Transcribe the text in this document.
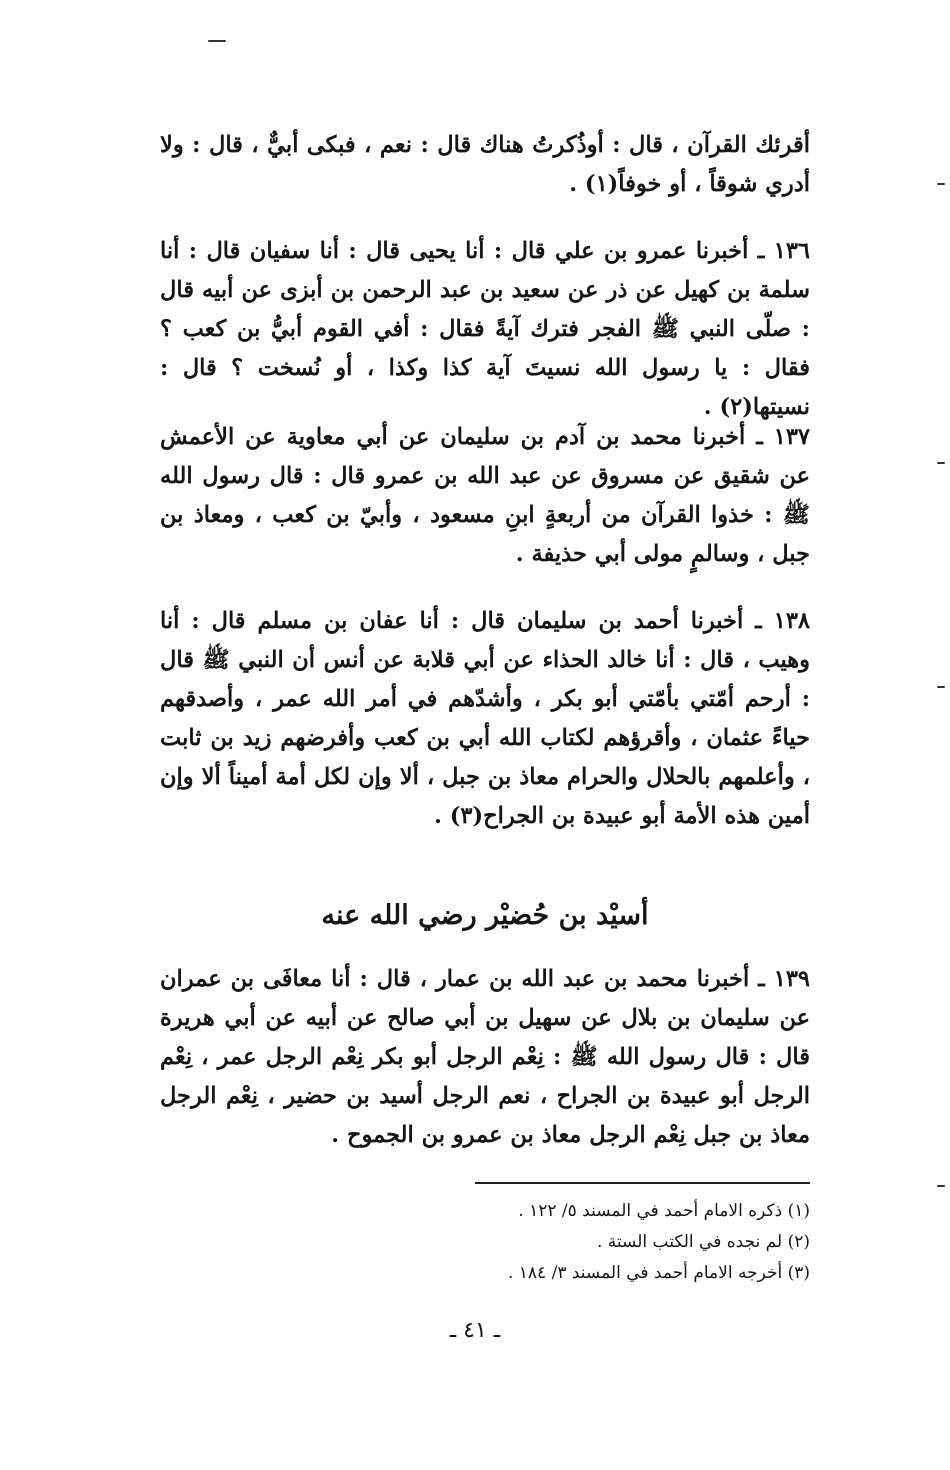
أقرئك القرآن ، قال : أوذُكرتُ هناك قال : نعم ، فبكى أبيٌّ ، قال : ولا أدري شوقاً ، أو خوفاً(١) .

١٣٦ ـ أخبرنا عمرو بن علي قال : أنا يحيى قال : أنا سفيان قال : أنا سلمة بن كهيل عن ذر عن سعيد بن عبد الرحمن بن أبزى عن أبيه قال : صلّى النبي ﷺ الفجر فترك آيةً فقال : أفي القوم أبيُّ بن كعب ؟ فقال : يا رسول الله نسيتَ آية كذا وكذا ، أو نُسخت ؟ قال : نسيتها(٢) .

١٣٧ ـ أخبرنا محمد بن آدم بن سليمان عن أبي معاوية عن الأعمش عن شقيق عن مسروق عن عبد الله بن عمرو قال : قال رسول الله ﷺ : خذوا القرآن من أربعةٍ ابنِ مسعود ، وأبيّ بن كعب ، ومعاذ بن جبل ، وسالمٍ مولى أبي حذيفة .

١٣٨ ـ أخبرنا أحمد بن سليمان قال : أنا عفان بن مسلم قال : أنا وهيب ، قال : أنا خالد الحذاء عن أبي قلابة عن أنس أن النبي ﷺ قال : أرحم أمّتي بأمّتي أبو بكر ، وأشدّهم في أمر الله عمر ، وأصدقهم حياءً عثمان ، وأقرؤهم لكتاب الله أبي بن كعب وأفرضهم زيد بن ثابت ، وأعلمهم بالحلال والحرام معاذ بن جبل ، ألا وإن لكل أمة أميناً ألا وإن أمين هذه الأمة أبو عبيدة بن الجراح(٣) .

أسيْد بن حُضيْر رضي الله عنه

١٣٩ ـ أخبرنا محمد بن عبد الله بن عمار ، قال : أنا معافَى بن عمران عن سليمان بن بلال عن سهيل بن أبي صالح عن أبيه عن أبي هريرة قال : قال رسول الله ﷺ : نِعْم الرجل أبو بكر نِعْم الرجل عمر ، نِعْم الرجل أبو عبيدة بن الجراح ، نعم الرجل أسيد بن حضير ، نِعْم الرجل معاذ بن جبل نِعْم الرجل معاذ بن عمرو بن الجموح .

(١) ذكره الامام أحمد في المسند ٥/ ١٢٢ .

(٢) لم نجده في الكتب الستة .

(٣) أخرجه الامام أحمد في المسند ٣/ ١٨٤ .

ـ ٤١ ـ
